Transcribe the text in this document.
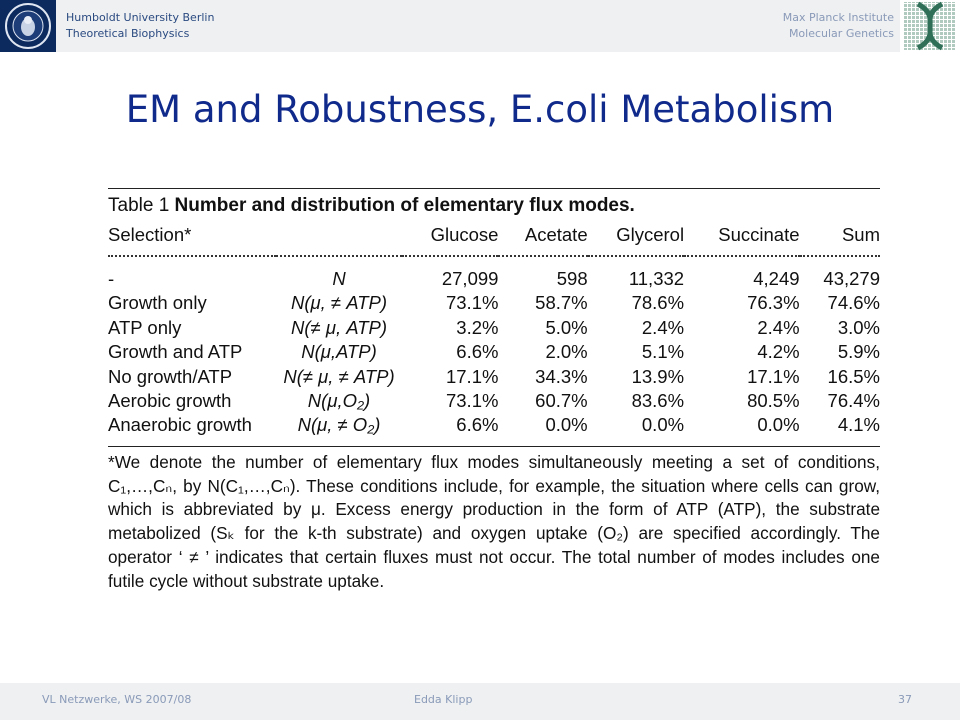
Humboldt University Berlin
Theoretical Biophysics
Max Planck Institute
Molecular Genetics
EM and Robustness, E.coli Metabolism
Table 1 Number and distribution of elementary flux modes.
Selection*		Glucose	Acetate	Glycerol	Succinate	Sum

-	N	27,099	598	11,332	4,249	43,279
Growth only	N(μ, ≠ ATP)	73.1%	58.7%	78.6%	76.3%	74.6%
ATP only	N(≠ μ, ATP)	3.2%	5.0%	2.4%	2.4%	3.0%
Growth and ATP	N(μ,ATP)	6.6%	2.0%	5.1%	4.2%	5.9%
No growth/ATP	N(≠ μ, ≠ ATP)	17.1%	34.3%	13.9%	17.1%	16.5%
Aerobic growth	N(μ,O₂)	73.1%	60.7%	83.6%	80.5%	76.4%
Anaerobic growth	N(μ, ≠ O₂)	6.6%	0.0%	0.0%	0.0%	4.1%
*We denote the number of elementary flux modes simultaneously meeting a set of conditions, C₁,…,Cₙ, by N(C₁,…,Cₙ). These conditions include, for example, the situation where cells can grow, which is abbreviated by μ. Excess energy production in the form of ATP (ATP), the substrate metabolized (Sₖ for the k-th substrate) and oxygen uptake (O₂) are specified accordingly. The operator ‘ ≠ ’ indicates that certain fluxes must not occur. The total number of modes includes one futile cycle without substrate uptake.
VL Netzwerke, WS 2007/08	Edda Klipp	37
